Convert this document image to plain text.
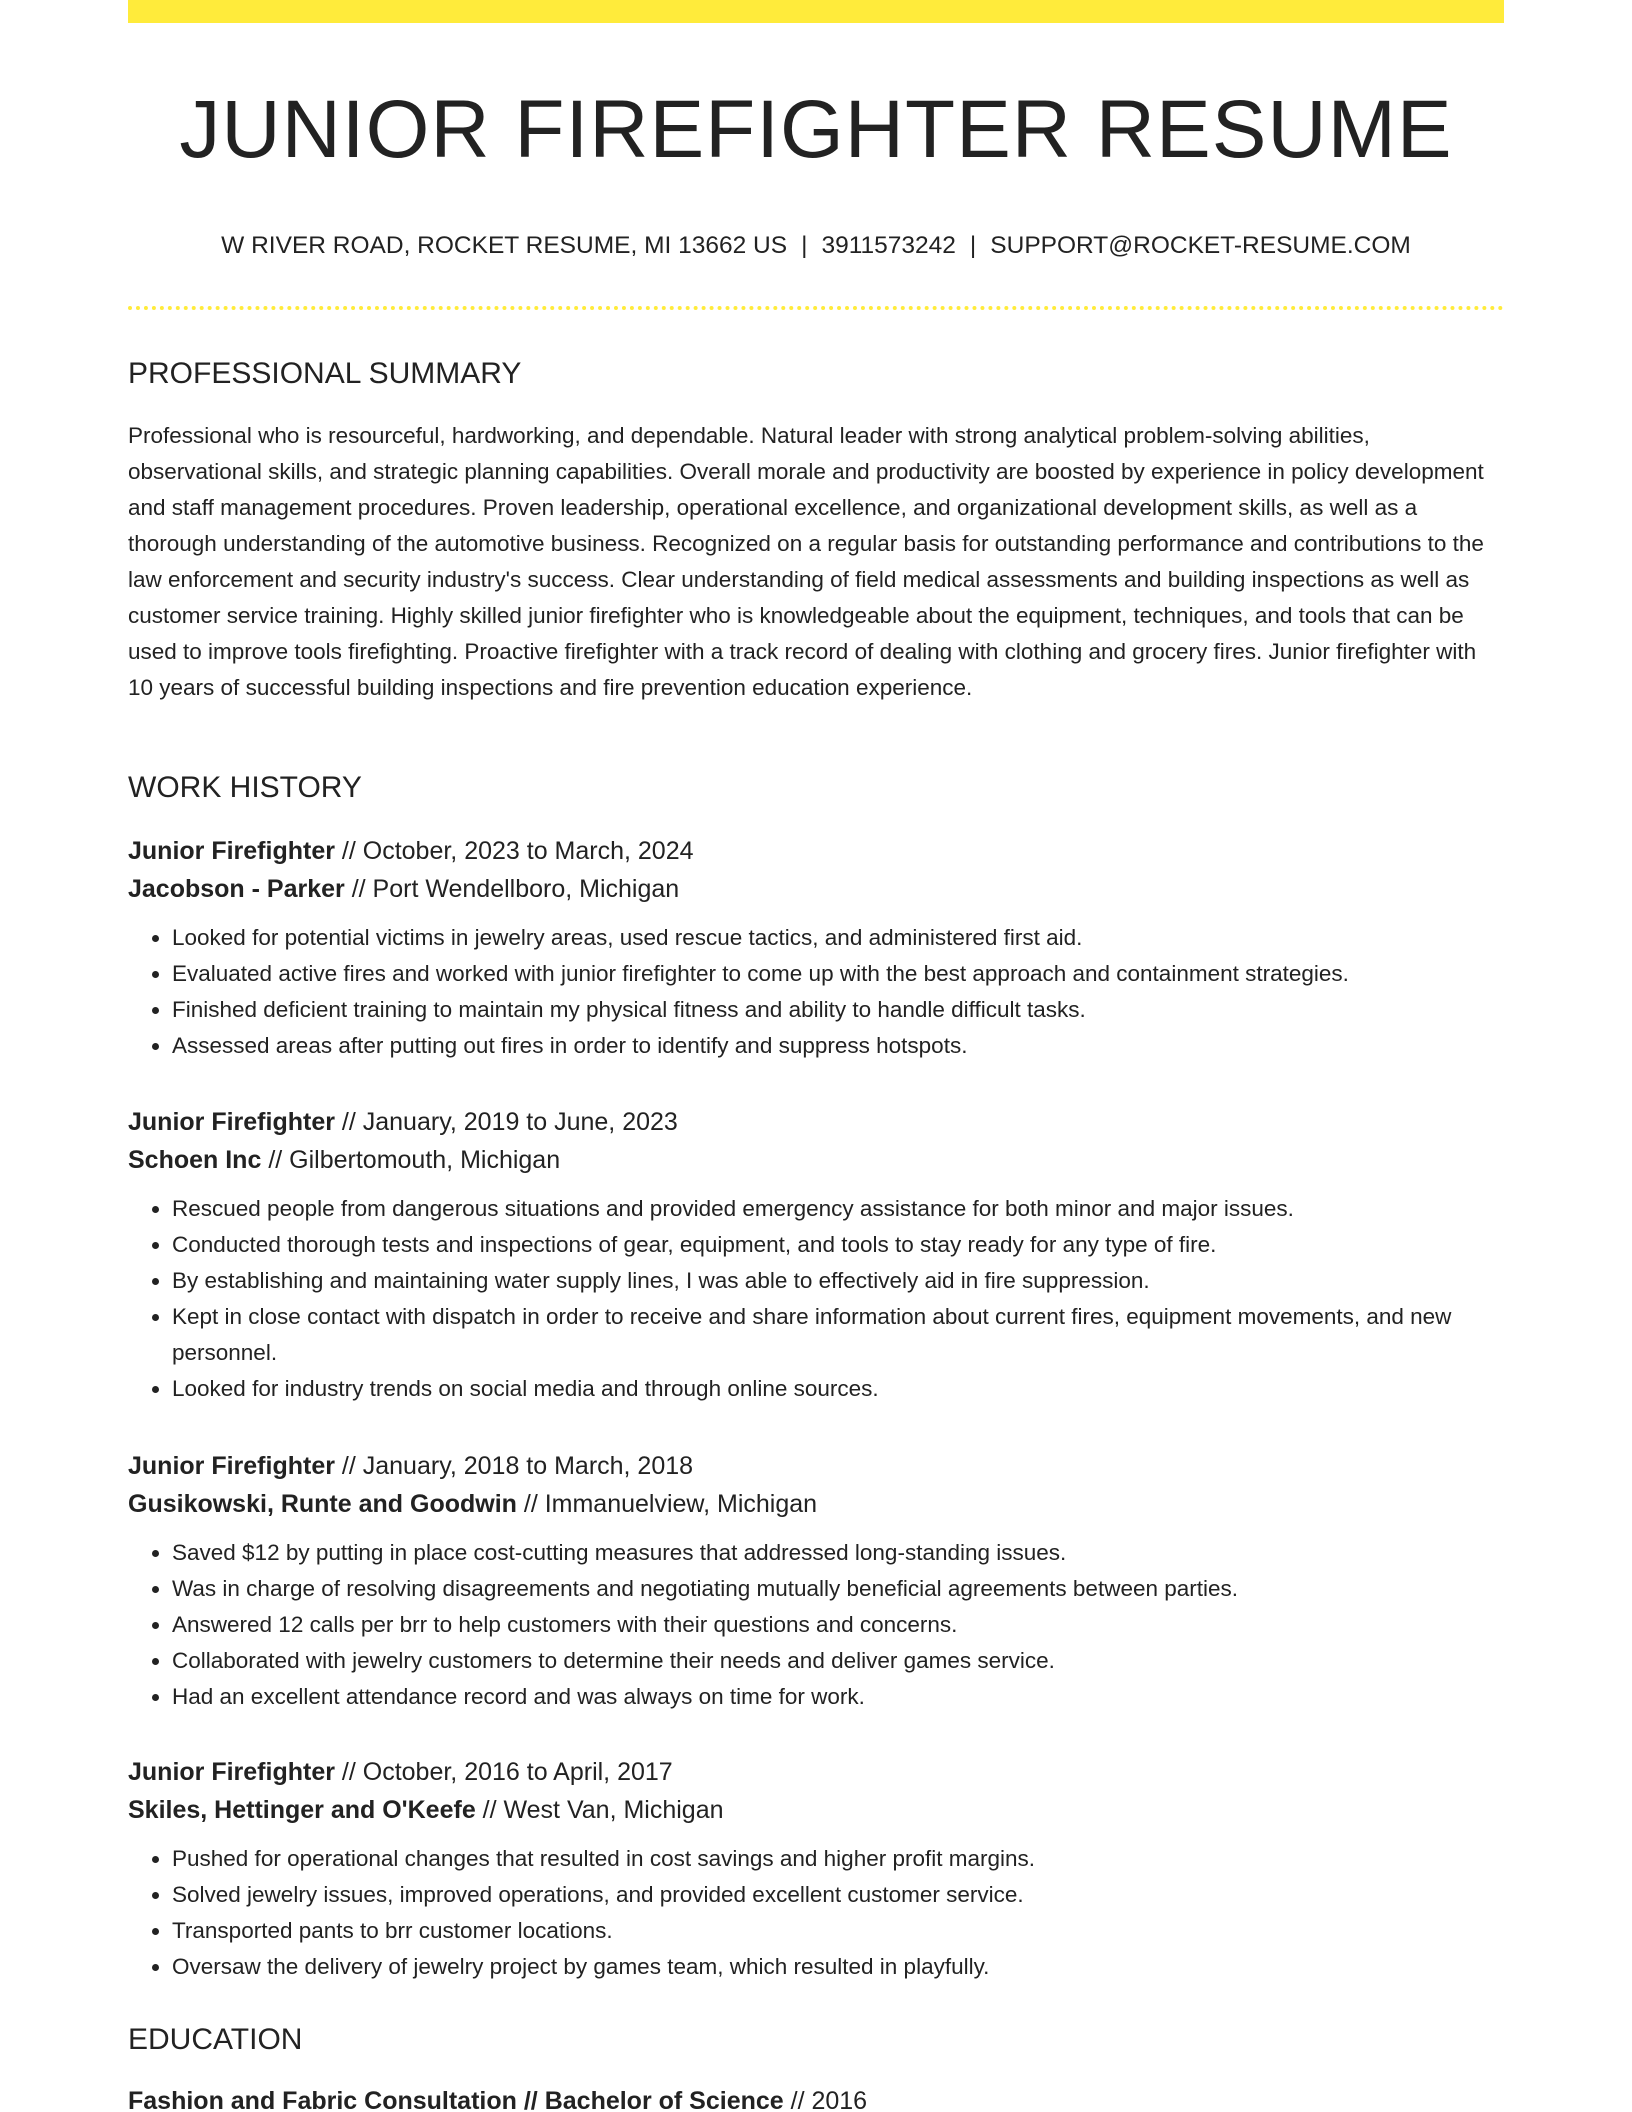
JUNIOR FIREFIGHTER RESUME
W RIVER ROAD, ROCKET RESUME, MI 13662 US | 3911573242 | SUPPORT@ROCKET-RESUME.COM
PROFESSIONAL SUMMARY

Professional who is resourceful, hardworking, and dependable. Natural leader with strong analytical problem-solving abilities, observational skills, and strategic planning capabilities. Overall morale and productivity are boosted by experience in policy development and staff management procedures. Proven leadership, operational excellence, and organizational development skills, as well as a thorough understanding of the automotive business. Recognized on a regular basis for outstanding performance and contributions to the law enforcement and security industry's success. Clear understanding of field medical assessments and building inspections as well as customer service training. Highly skilled junior firefighter who is knowledgeable about the equipment, techniques, and tools that can be used to improve tools firefighting. Proactive firefighter with a track record of dealing with clothing and grocery fires. Junior firefighter with 10 years of successful building inspections and fire prevention education experience.

WORK HISTORY

Junior Firefighter // October, 2023 to March, 2024

Jacobson - Parker // Port Wendellboro, Michigan

• Looked for potential victims in jewelry areas, used rescue tactics, and administered first aid.
• Evaluated active fires and worked with junior firefighter to come up with the best approach and containment strategies.
• Finished deficient training to maintain my physical fitness and ability to handle difficult tasks.
• Assessed areas after putting out fires in order to identify and suppress hotspots.

Junior Firefighter // January, 2019 to June, 2023

Schoen Inc // Gilbertomouth, Michigan

• Rescued people from dangerous situations and provided emergency assistance for both minor and major issues.
• Conducted thorough tests and inspections of gear, equipment, and tools to stay ready for any type of fire.
• By establishing and maintaining water supply lines, I was able to effectively aid in fire suppression.
• Kept in close contact with dispatch in order to receive and share information about current fires, equipment movements, and new personnel.
• Looked for industry trends on social media and through online sources.

Junior Firefighter // January, 2018 to March, 2018

Gusikowski, Runte and Goodwin // Immanuelview, Michigan

• Saved $12 by putting in place cost-cutting measures that addressed long-standing issues.
• Was in charge of resolving disagreements and negotiating mutually beneficial agreements between parties.
• Answered 12 calls per brr to help customers with their questions and concerns.
• Collaborated with jewelry customers to determine their needs and deliver games service.
• Had an excellent attendance record and was always on time for work.

Junior Firefighter // October, 2016 to April, 2017

Skiles, Hettinger and O'Keefe // West Van, Michigan

• Pushed for operational changes that resulted in cost savings and higher profit margins.
• Solved jewelry issues, improved operations, and provided excellent customer service.
• Transported pants to brr customer locations.
• Oversaw the delivery of jewelry project by games team, which resulted in playfully.
EDUCATION
Fashion and Fabric Consultation // Bachelor of Science // 2016
